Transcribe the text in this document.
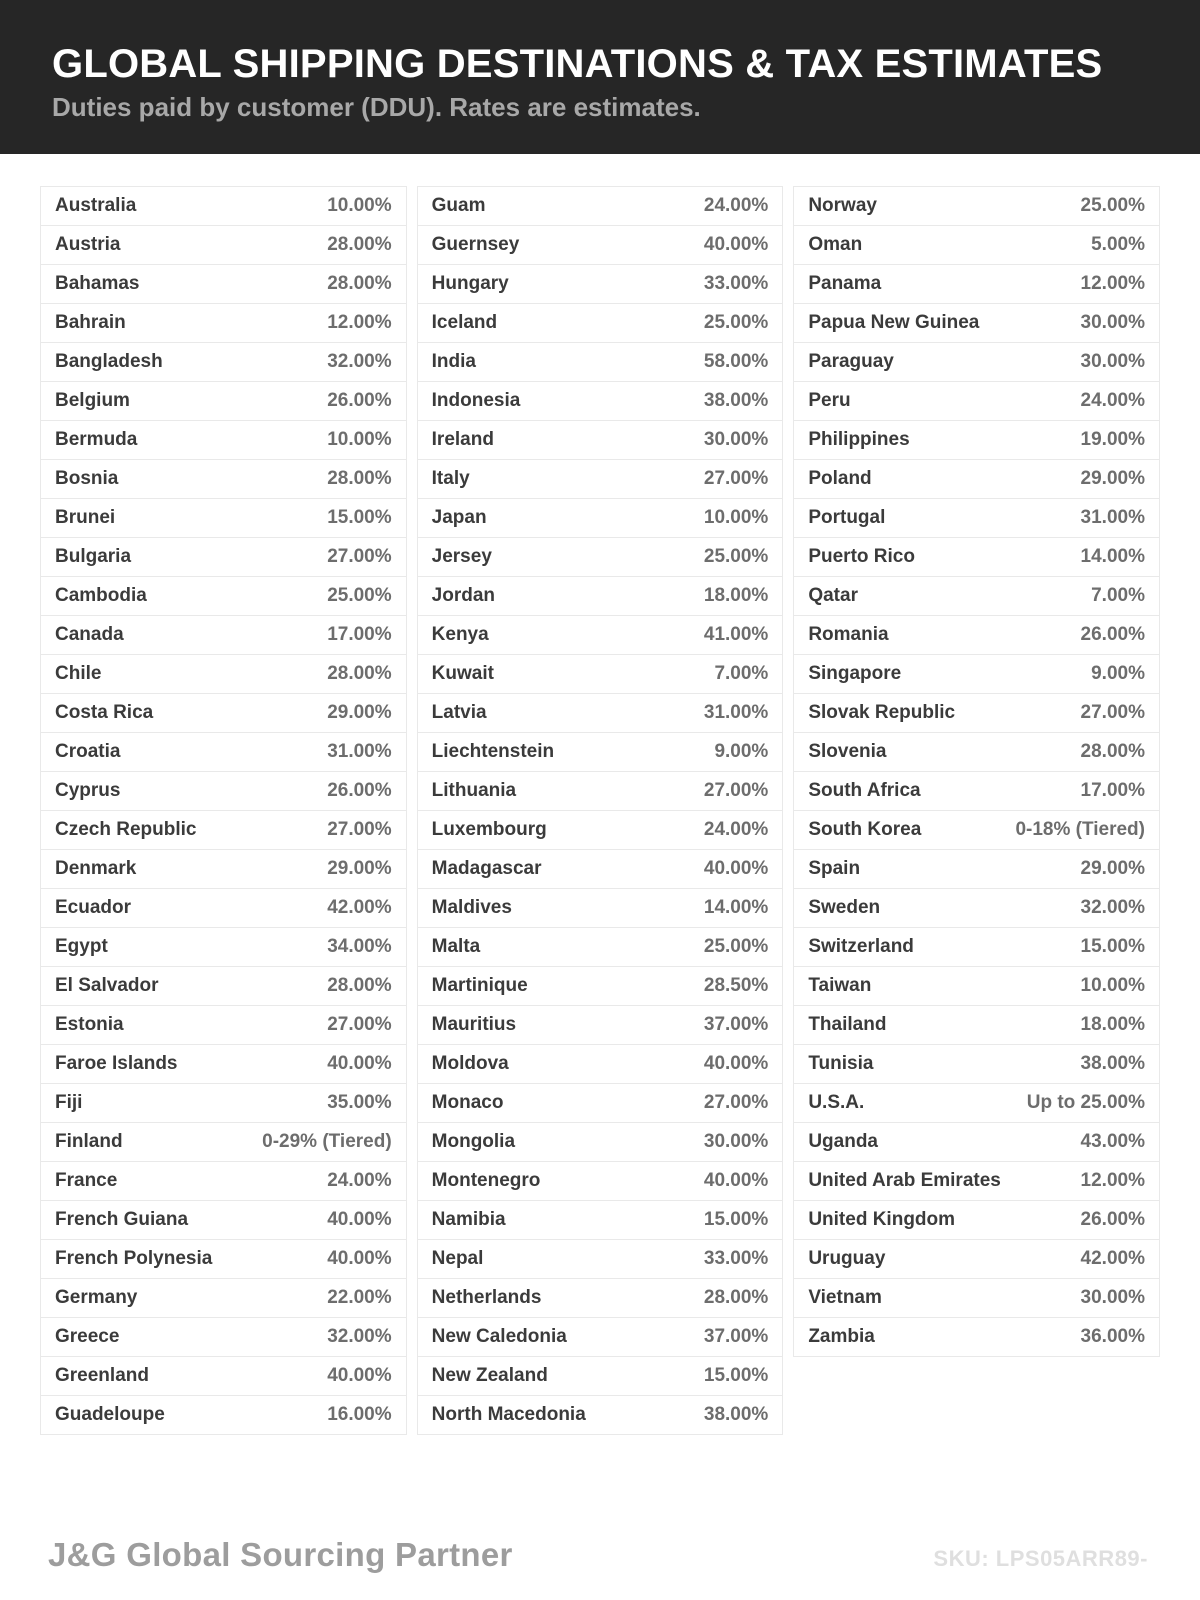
GLOBAL SHIPPING DESTINATIONS & TAX ESTIMATES
Duties paid by customer (DDU). Rates are estimates.
Australia	10.00%
Austria	28.00%
Bahamas	28.00%
Bahrain	12.00%
Bangladesh	32.00%
Belgium	26.00%
Bermuda	10.00%
Bosnia	28.00%
Brunei	15.00%
Bulgaria	27.00%
Cambodia	25.00%
Canada	17.00%
Chile	28.00%
Costa Rica	29.00%
Croatia	31.00%
Cyprus	26.00%
Czech Republic	27.00%
Denmark	29.00%
Ecuador	42.00%
Egypt	34.00%
El Salvador	28.00%
Estonia	27.00%
Faroe Islands	40.00%
Fiji	35.00%
Finland	0-29% (Tiered)
France	24.00%
French Guiana	40.00%
French Polynesia	40.00%
Germany	22.00%
Greece	32.00%
Greenland	40.00%
Guadeloupe	16.00%
Guam	24.00%
Guernsey	40.00%
Hungary	33.00%
Iceland	25.00%
India	58.00%
Indonesia	38.00%
Ireland	30.00%
Italy	27.00%
Japan	10.00%
Jersey	25.00%
Jordan	18.00%
Kenya	41.00%
Kuwait	7.00%
Latvia	31.00%
Liechtenstein	9.00%
Lithuania	27.00%
Luxembourg	24.00%
Madagascar	40.00%
Maldives	14.00%
Malta	25.00%
Martinique	28.50%
Mauritius	37.00%
Moldova	40.00%
Monaco	27.00%
Mongolia	30.00%
Montenegro	40.00%
Namibia	15.00%
Nepal	33.00%
Netherlands	28.00%
New Caledonia	37.00%
New Zealand	15.00%
North Macedonia	38.00%
Norway	25.00%
Oman	5.00%
Panama	12.00%
Papua New Guinea	30.00%
Paraguay	30.00%
Peru	24.00%
Philippines	19.00%
Poland	29.00%
Portugal	31.00%
Puerto Rico	14.00%
Qatar	7.00%
Romania	26.00%
Singapore	9.00%
Slovak Republic	27.00%
Slovenia	28.00%
South Africa	17.00%
South Korea	0-18% (Tiered)
Spain	29.00%
Sweden	32.00%
Switzerland	15.00%
Taiwan	10.00%
Thailand	18.00%
Tunisia	38.00%
U.S.A.	Up to 25.00%
Uganda	43.00%
United Arab Emirates	12.00%
United Kingdom	26.00%
Uruguay	42.00%
Vietnam	30.00%
Zambia	36.00%
J&G Global Sourcing Partner	SKU: LPS05ARR89-
